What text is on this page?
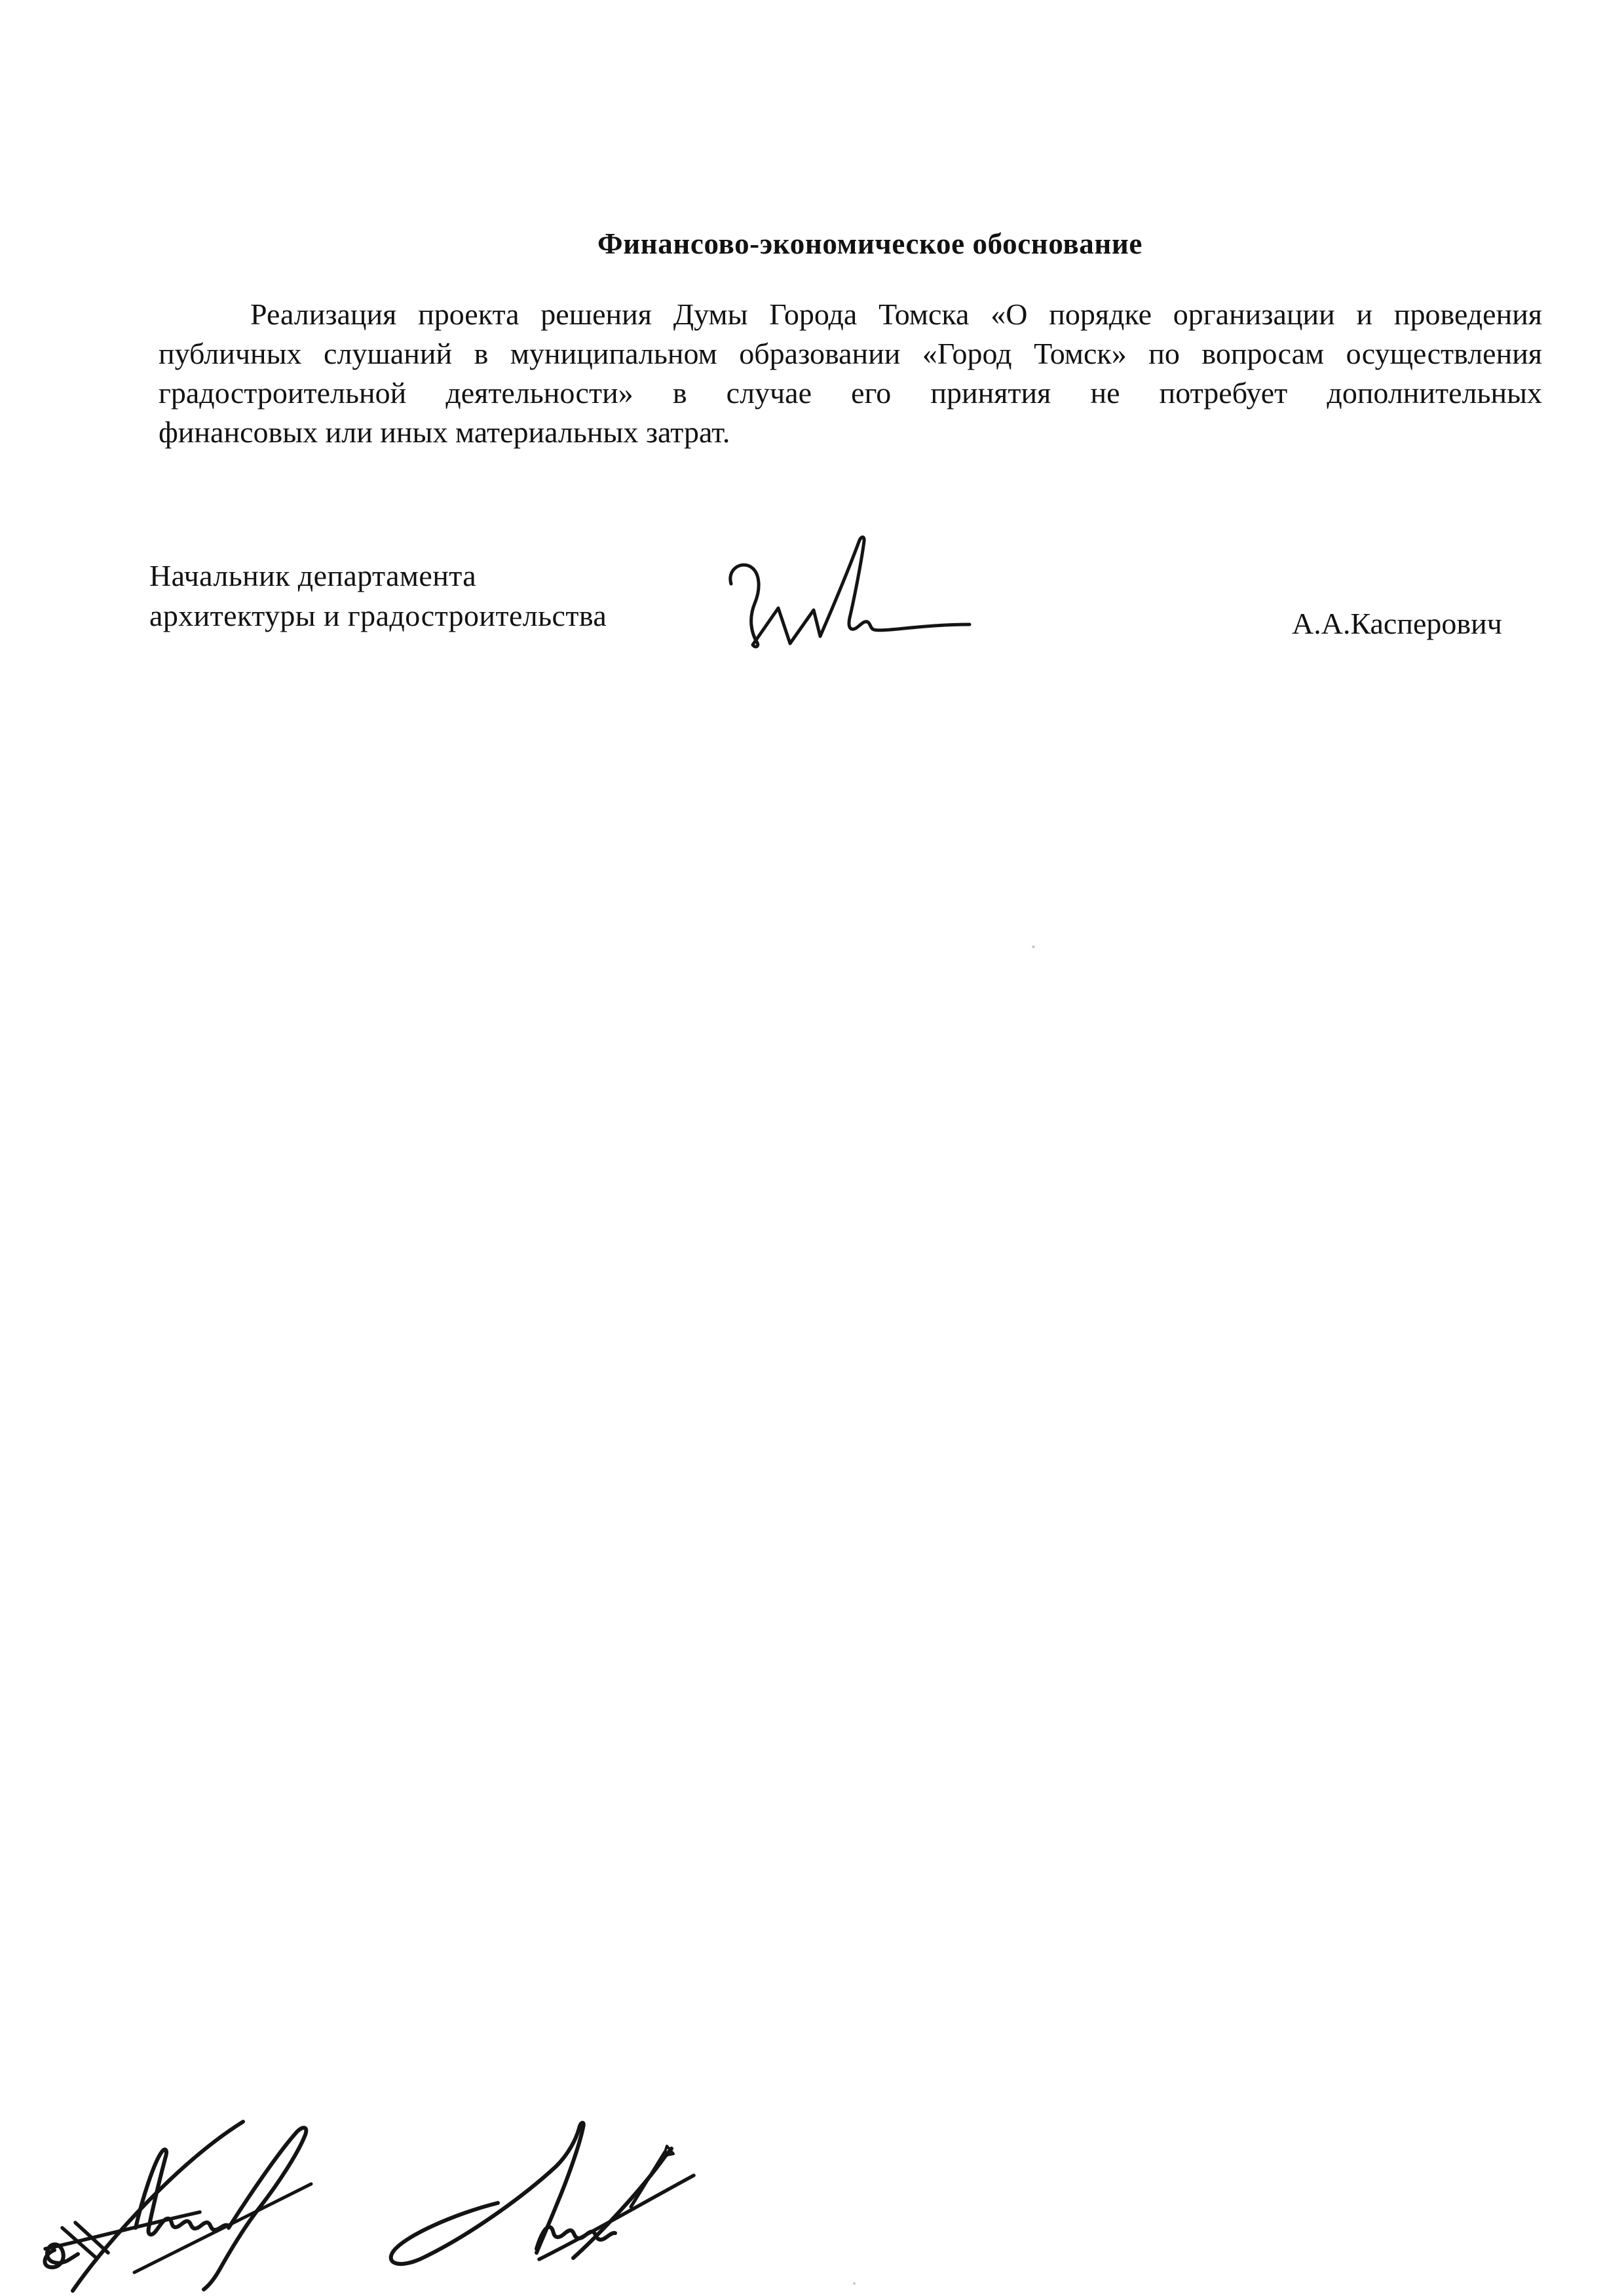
Финансово-экономическое обоснование
Реализация проекта решения Думы Города Томска «О порядке организации и проведения
публичных слушаний в муниципальном образовании «Город Томск» по вопросам осуществления
градостроительной деятельности» в случае его принятия не потребует дополнительных
финансовых или иных материальных затрат.
Начальник департамента
архитектуры и градостроительства	А.А.Касперович
